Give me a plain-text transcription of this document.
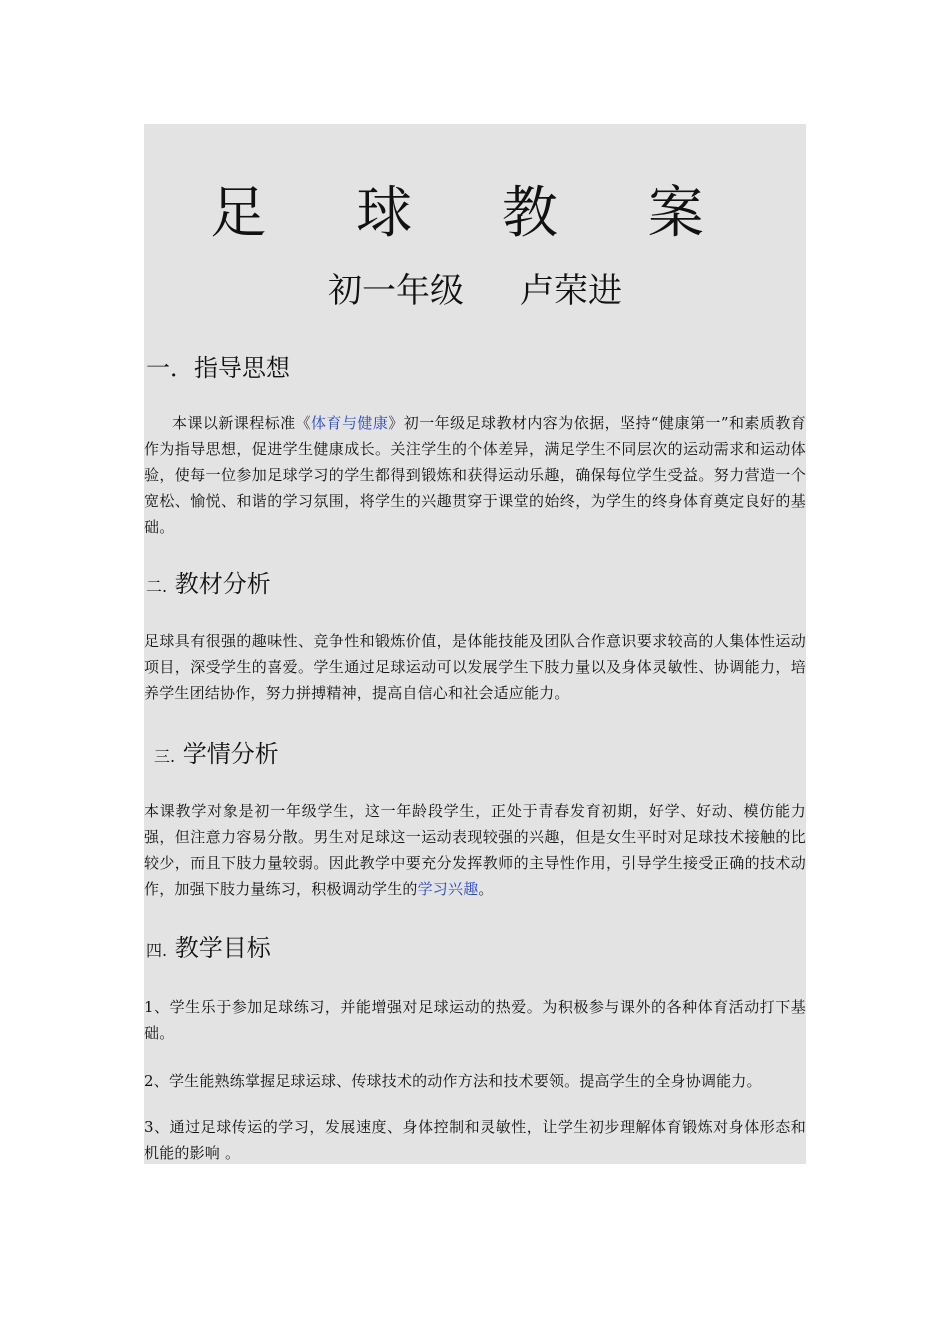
足 球 教 案
初一年级 卢荣进
一．指导思想
本课以新课程标准《体育与健康》初一年级足球教材内容为依据，坚持“健康第一”和素质教育作为指导思想，促进学生健康成长。关注学生的个体差异，满足学生不同层次的运动需求和运动体验，使每一位参加足球学习的学生都得到锻炼和获得运动乐趣，确保每位学生受益。努力营造一个宽松、愉悦、和谐的学习氛围，将学生的兴趣贯穿于课堂的始终，为学生的终身体育奠定良好的基础。
二. 教材分析
足球具有很强的趣味性、竞争性和锻炼价值，是体能技能及团队合作意识要求较高的人集体性运动项目，深受学生的喜爱。学生通过足球运动可以发展学生下肢力量以及身体灵敏性、协调能力，培养学生团结协作，努力拼搏精神，提高自信心和社会适应能力。
三. 学情分析
本课教学对象是初一年级学生，这一年龄段学生，正处于青春发育初期，好学、好动、模仿能力强，但注意力容易分散。男生对足球这一运动表现较强的兴趣，但是女生平时对足球技术接触的比较少，而且下肢力量较弱。因此教学中要充分发挥教师的主导性作用，引导学生接受正确的技术动作，加强下肢力量练习，积极调动学生的学习兴趣。
四. 教学目标
1、学生乐于参加足球练习，并能增强对足球运动的热爱。为积极参与课外的各种体育活动打下基础。
2、学生能熟练掌握足球运球、传球技术的动作方法和技术要领。提高学生的全身协调能力。
3、通过足球传运的学习，发展速度、身体控制和灵敏性，让学生初步理解体育锻炼对身体形态和机能的影响 。
